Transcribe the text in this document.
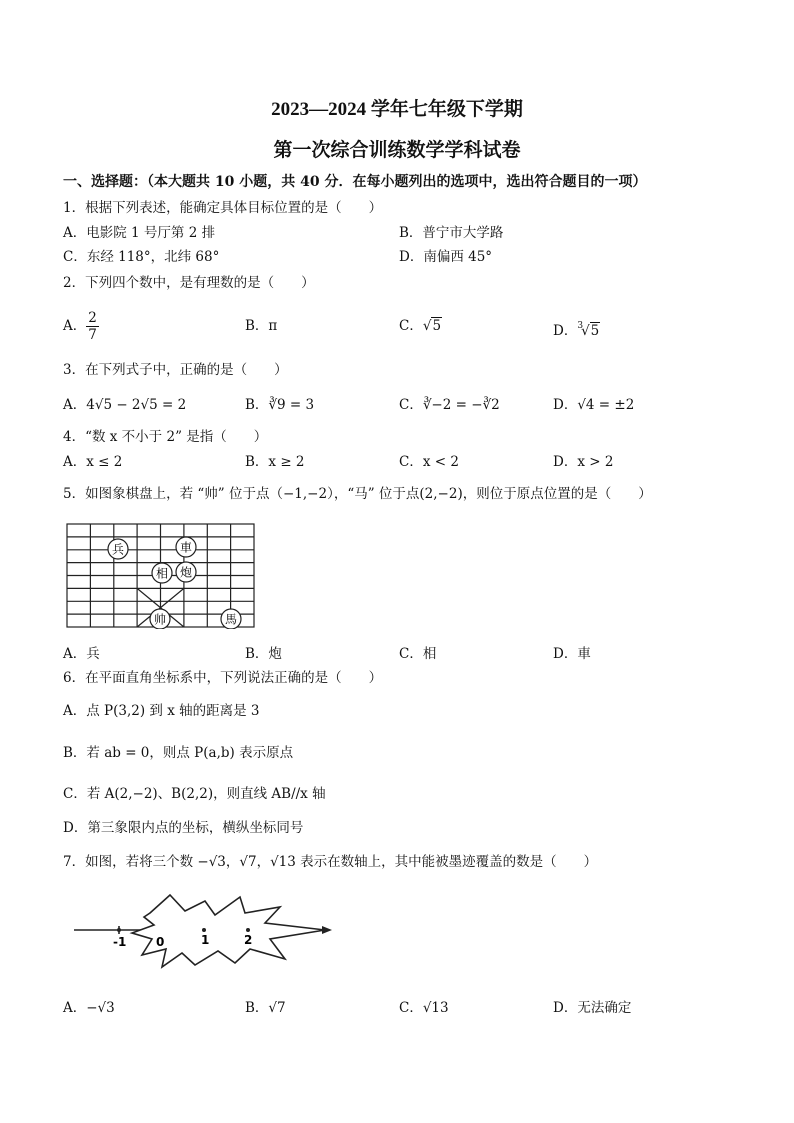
2023—2024 学年七年级下学期
第一次综合训练数学学科试卷
一、选择题：（本大题共 10 小题，共 40 分．在每小题列出的选项中，选出符合题目的一项）
1．根据下列表述，能确定具体目标位置的是（　　）
A．电影院 1 号厅第 2 排	B．普宁市大学路
C．东经 118°，北纬 68°	D．南偏西 45°
2．下列四个数中，是有理数的是（　　）
A． $\frac{2}{7}$	B．π	C．√5	D．$^3$√5
3．在下列式子中，正确的是（　　）
A．4√5 − 2√5 = 2	B．∛9 = 3	C．∛−2 = −∛2	D．√4 = ±2
4．“数 x 不小于 2” 是指（　　）
A．x ≤ 2	B．x ≥ 2	C．x < 2	D．x > 2
5．如图象棋盘上，若 “帅” 位于点（−1,−2），“马” 位于点(2,−2)，则位于原点位置的是（　　）
兵	車
相 炮
帅	馬
A．兵	B．炮	C．相	D．車
6．在平面直角坐标系中，下列说法正确的是（　　）
A．点 P(3,2) 到 x 轴的距离是 3
B．若 ab = 0，则点 P(a,b) 表示原点
C．若 A(2,−2)、B(2,2)，则直线 AB//x 轴
D．第三象限内点的坐标，横纵坐标同号
7．如图，若将三个数 −√3，√7，√13 表示在数轴上，其中能被墨迹覆盖的数是（　　）
-1 0	1	2
A．−√3	B．√7	C．√13	D．无法确定
